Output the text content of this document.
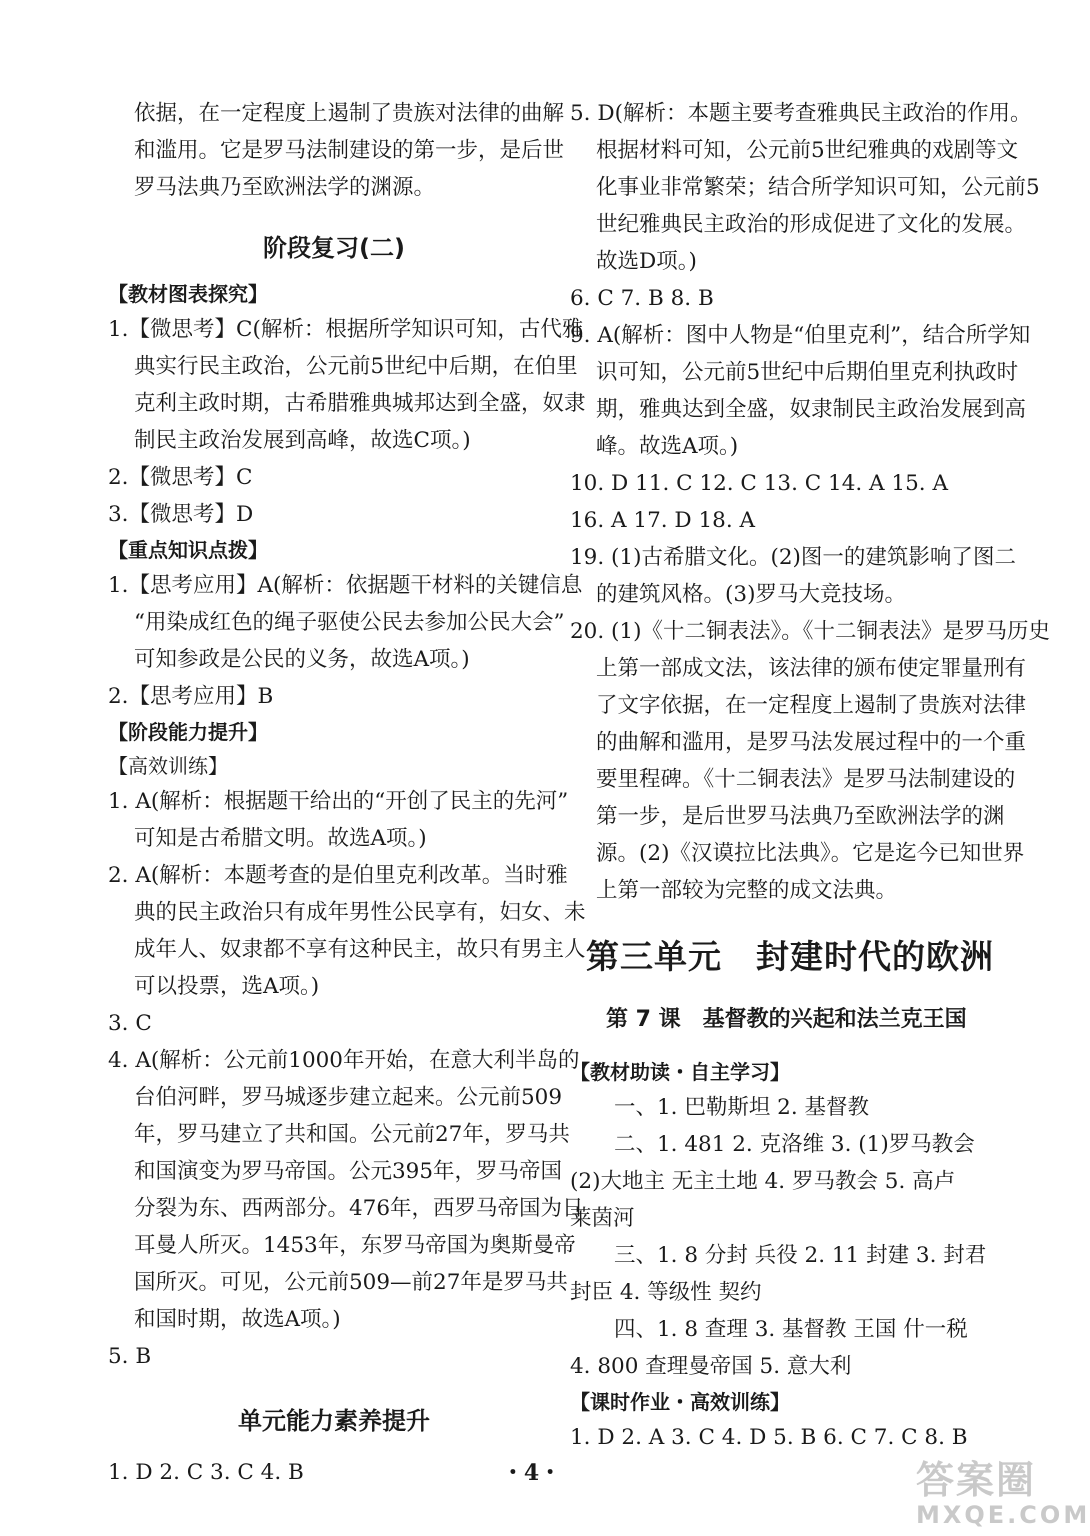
依据，在一定程度上遏制了贵族对法律的曲解
和滥用。它是罗马法制建设的第一步，是后世
罗马法典乃至欧洲法学的渊源。
阶段复习(二)
【教材图表探究】
1.【微思考】C(解析：根据所学知识可知，古代雅
典实行民主政治，公元前5世纪中后期，在伯里
克利主政时期，古希腊雅典城邦达到全盛，奴隶
制民主政治发展到高峰，故选C项。)
2.【微思考】C
3.【微思考】D
【重点知识点拨】
1.【思考应用】A(解析：依据题干材料的关键信息
“用染成红色的绳子驱使公民去参加公民大会”
可知参政是公民的义务，故选A项。)
2.【思考应用】B
【阶段能力提升】
【高效训练】
1. A(解析：根据题干给出的“开创了民主的先河”
可知是古希腊文明。故选A项。)
2. A(解析：本题考查的是伯里克利改革。当时雅
典的民主政治只有成年男性公民享有，妇女、未
成年人、奴隶都不享有这种民主，故只有男主人
可以投票，选A项。)
3. C
4. A(解析：公元前1000年开始，在意大利半岛的
台伯河畔，罗马城逐步建立起来。公元前509
年，罗马建立了共和国。公元前27年，罗马共
和国演变为罗马帝国。公元395年，罗马帝国
分裂为东、西两部分。476年，西罗马帝国为日
耳曼人所灭。1453年，东罗马帝国为奥斯曼帝
国所灭。可见，公元前509—前27年是罗马共
和国时期，故选A项。)
5. B
单元能力素养提升
1. D 2. C 3. C 4. B
5. D(解析：本题主要考查雅典民主政治的作用。
根据材料可知，公元前5世纪雅典的戏剧等文
化事业非常繁荣；结合所学知识可知，公元前5
世纪雅典民主政治的形成促进了文化的发展。
故选D项。)
6. C 7. B 8. B
9. A(解析：图中人物是“伯里克利”，结合所学知
识可知，公元前5世纪中后期伯里克利执政时
期，雅典达到全盛，奴隶制民主政治发展到高
峰。故选A项。)
10. D 11. C 12. C 13. C 14. A 15. A
16. A 17. D 18. A
19. (1)古希腊文化。(2)图一的建筑影响了图二
的建筑风格。(3)罗马大竞技场。
20. (1)《十二铜表法》。《十二铜表法》是罗马历史
上第一部成文法，该法律的颁布使定罪量刑有
了文字依据，在一定程度上遏制了贵族对法律
的曲解和滥用，是罗马法发展过程中的一个重
要里程碑。《十二铜表法》是罗马法制建设的
第一步，是后世罗马法典乃至欧洲法学的渊
源。(2)《汉谟拉比法典》。它是迄今已知世界
上第一部较为完整的成文法典。
第三单元　封建时代的欧洲
第 7 课　基督教的兴起和法兰克王国
【教材助读・自主学习】
一、1. 巴勒斯坦 2. 基督教
二、1. 481 2. 克洛维 3. (1)罗马教会
(2)大地主 无主土地 4. 罗马教会 5. 高卢
莱茵河
三、1. 8 分封 兵役 2. 11 封建 3. 封君
封臣 4. 等级性 契约
四、1. 8 查理 3. 基督教 王国 什一税
4. 800 查理曼帝国 5. 意大利
【课时作业・高效训练】
1. D 2. A 3. C 4. D 5. B 6. C 7. C 8. B
・4・	答案圈
MXQE.COM
